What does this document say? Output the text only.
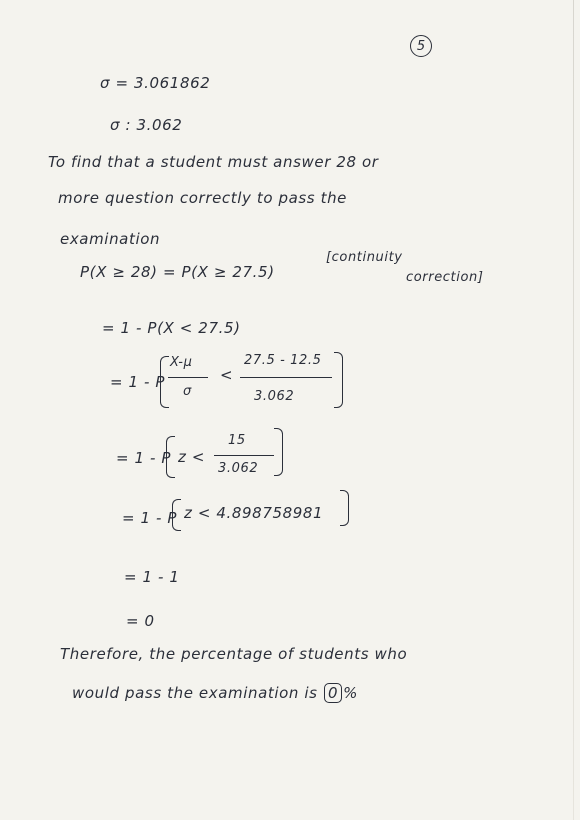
5
σ = 3.061862
σ : 3.062
To find that a student must answer 28 or
more question correctly to pass the
examination
P(X ≥ 28) = P(X ≥ 27.5)
[continuity
correction]
= 1 - P(X < 27.5)
= 1 - P
X-μ
σ
<
27.5 - 12.5
3.062
= 1 - P z <
15
3.062
= 1 - P z < 4.898758981
= 1 - 1
= 0
Therefore, the percentage of students who
would pass the examination is 0 %
